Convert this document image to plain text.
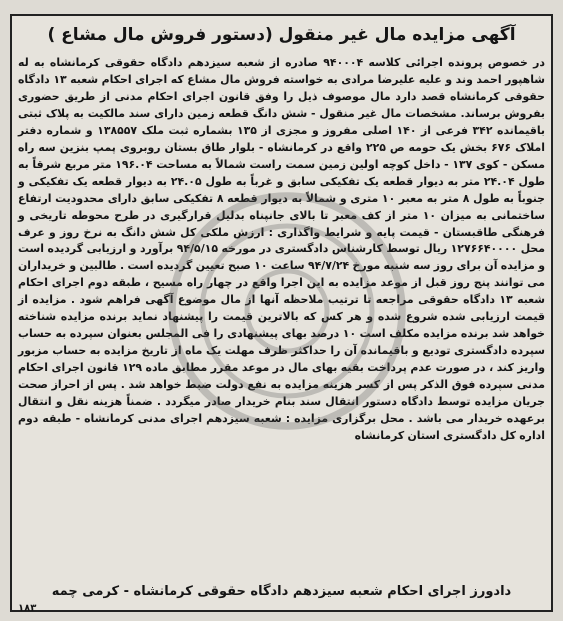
آگهی مزایده مال غیر منقول (دستور فروش مال مشاع )
در خصوص پرونده اجرائی کلاسه ۹۴۰۰۰۴ صادره از شعبه سیزدهم دادگاه حقوقی کرمانشاه به له شاهپور احمد وند و علیه علیرضا مرادی به خواسته فروش مال مشاع که اجرای احکام شعبه ۱۳ دادگاه حقوقی کرمانشاه قصد دارد مال موصوف ذیل را وفق قانون اجرای احکام مدنی از طریق حضوری بفروش برساند. مشخصات مال غیر منقول - شش دانگ قطعه زمین دارای سند مالکیت به پلاک ثبتی باقیمانده ۳۴۲ فرعی از ۱۴۰ اصلی مفروز و مجزی از ۱۳۵ بشماره ثبت ملک ۱۳۸۵۵۷ و شماره دفتر املاک ۶۷۶ بخش یک حومه ص ۲۲۵ واقع در کرمانشاه - بلوار طاق بستان روبروی پمپ بنزین سه راه مسکن - کوی ۱۳۷ - داخل کوچه اولین زمین سمت راست شمالاً به مساحت ۱۹۶.۰۴ متر مربع شرقاً به طول ۲۴.۰۴ متر به دیوار قطعه یک تفکیکی سابق و غرباً به طول ۲۴.۰۵ به دیوار قطعه یک تفکیکی و جنوباً به طول ۸ متر به معبر ۱۰ متری و شمالاً به دیوار قطعه ۸ تفکیکی سابق دارای محدودیت ارتفاع ساختمانی به میزان ۱۰ متر از کف معبر تا بالای جانپناه بدلیل قرارگیری در طرح محوطه تاریخی و فرهنگی طاقبستان - قیمت پایه و شرایط واگذاری : ارزش ملکی کل شش دانگ به نرخ روز و عرف محل ۱۲۷۶۶۴۰۰۰۰ ریال توسط کارشناس دادگستری در مورخه ۹۴/۵/۱۵ برآورد و ارزیابی گردیده است و مزایده آن برای روز سه شنبه مورخ ۹۴/۷/۲۴ ساعت ۱۰ صبح تعیین گردیده است . طالبین و خریداران می توانند پنج روز قبل از موعد مزایده به این اجرا واقع در چهار راه مسیح ، طبقه دوم اجرای احکام شعبه ۱۳ دادگاه حقوقی مراجعه تا ترتیب ملاحظه آنها از مال موضوع آگهی فراهم شود . مزایده از قیمت ارزیابی شده شروع شده و هر کس که بالاترین قیمت را پیشنهاد نماید برنده مزایده شناخته خواهد شد برنده مزایده مکلف است ۱۰ درصد بهای پیشنهادی را فی المجلس بعنوان سپرده به حساب سپرده دادگستری تودیع و باقیمانده آن را حداکثر ظرف مهلت یک ماه از تاریخ مزایده به حساب مزبور واریز کند ، در صورت عدم پرداخت بقیه بهای مال در موعد مقرر مطابق ماده ۱۲۹ قانون اجرای احکام مدنی سپرده فوق الذکر پس از کسر هزینه مزایده به نفع دولت ضبط خواهد شد . پس از احراز صحت جریان مزایده توسط دادگاه دستور انتقال سند بنام خریدار صادر میگردد . ضمناً هزینه نقل و انتقال برعهده خریدار می باشد . محل برگزاری مزایده : شعبه سیزدهم اجرای مدنی کرمانشاه - طبقه دوم اداره کل دادگستری استان کرمانشاه
دادورز اجرای احکام شعبه سیزدهم دادگاه حقوقی کرمانشاه - کرمی چمه
۱۸۳
